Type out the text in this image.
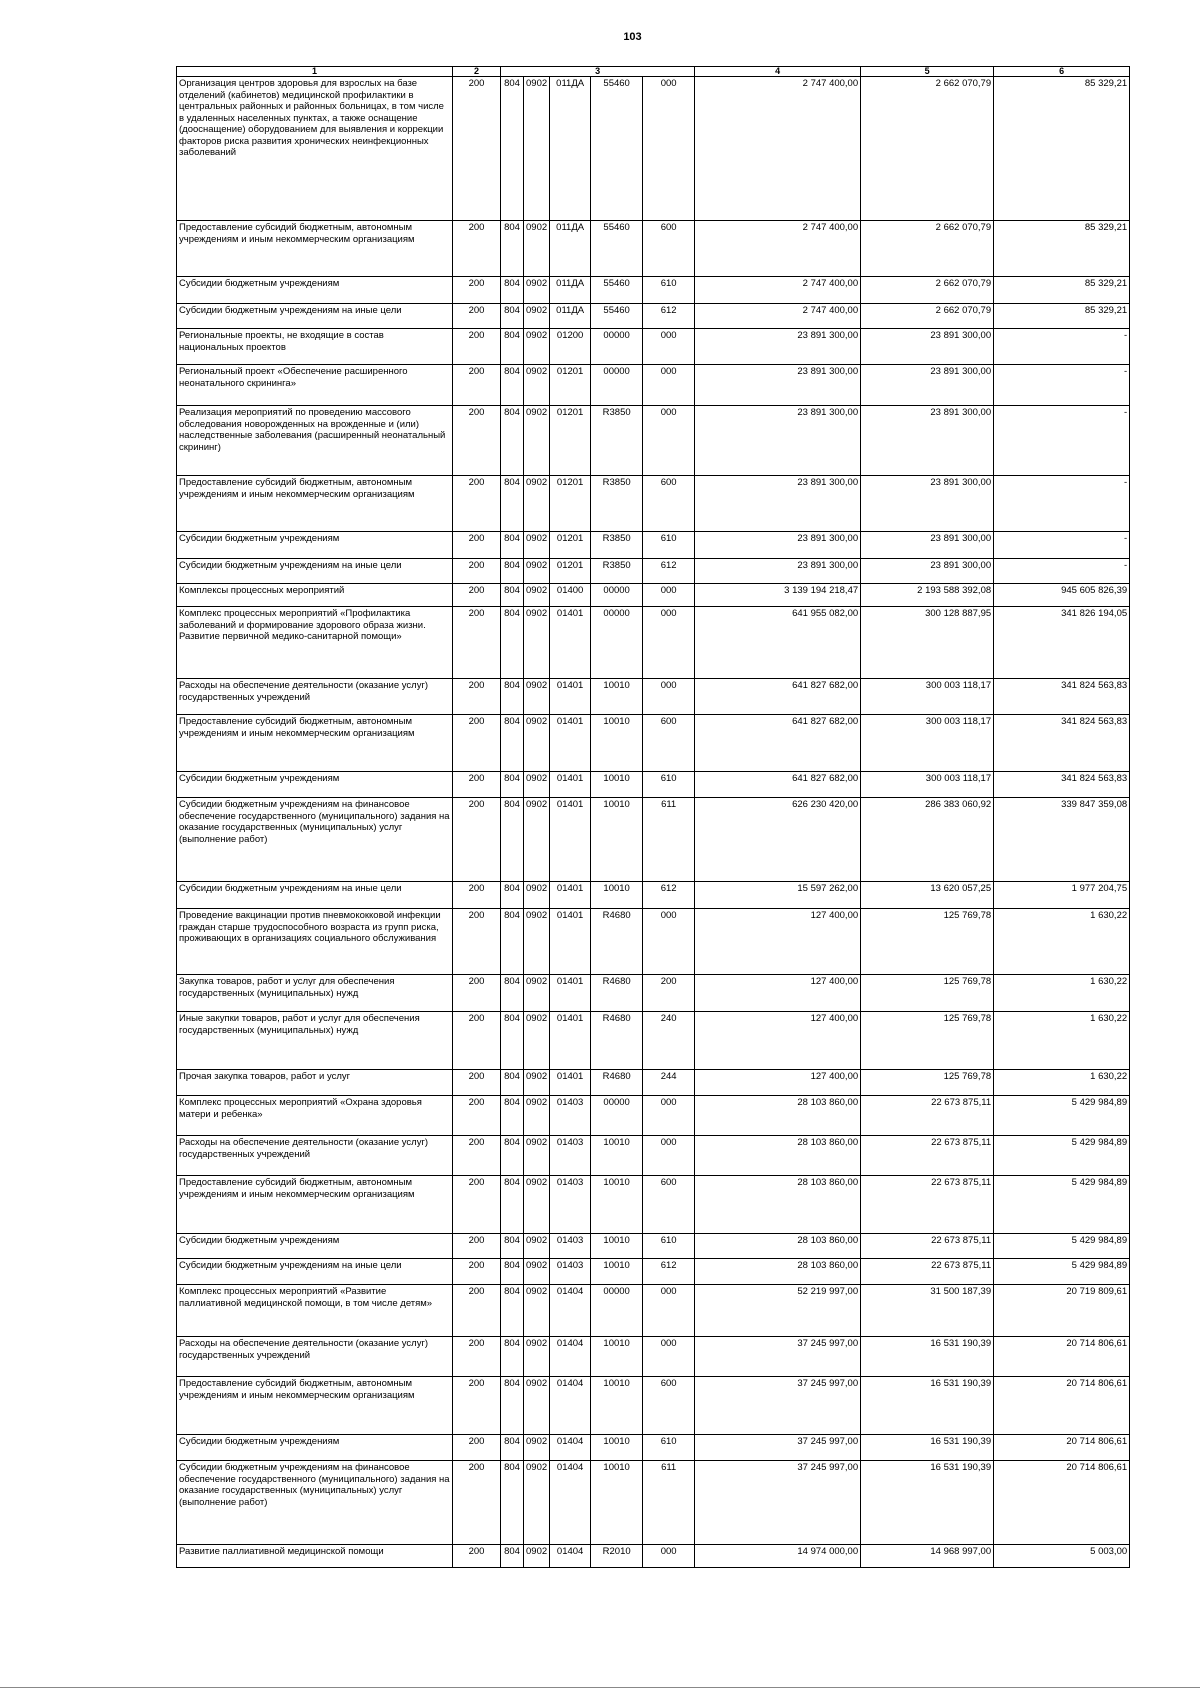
103
1	2	3					4	5	6
Организация центров здоровья для взрослых на базе отделений (кабинетов) медицинской профилактики в центральных районных и районных больницах, в том числе в удаленных населенных пунктах, а также оснащение (дооснащение) оборудованием для выявления и коррекции факторов риска развития хронических неинфекционных заболеваний	200	804	0902	011ДА	55460	000	2 747 400,00	2 662 070,79	85 329,21
Предоставление субсидий бюджетным, автономным учреждениям и иным некоммерческим организациям	200	804	0902	011ДА	55460	600	2 747 400,00	2 662 070,79	85 329,21
Субсидии бюджетным учреждениям	200	804	0902	011ДА	55460	610	2 747 400,00	2 662 070,79	85 329,21
Субсидии бюджетным учреждениям на иные цели	200	804	0902	011ДА	55460	612	2 747 400,00	2 662 070,79	85 329,21
Региональные проекты, не входящие в состав национальных проектов	200	804	0902	01200	00000	000	23 891 300,00	23 891 300,00	-
Региональный проект «Обеспечение расширенного неонатального скрининга»	200	804	0902	01201	00000	000	23 891 300,00	23 891 300,00	-
Реализация мероприятий по проведению массового обследования новорожденных на врожденные и (или) наследственные заболевания (расширенный неонатальный скрининг)	200	804	0902	01201	R3850	000	23 891 300,00	23 891 300,00	-
Предоставление субсидий бюджетным, автономным учреждениям и иным некоммерческим организациям	200	804	0902	01201	R3850	600	23 891 300,00	23 891 300,00	-
Субсидии бюджетным учреждениям	200	804	0902	01201	R3850	610	23 891 300,00	23 891 300,00	-
Субсидии бюджетным учреждениям на иные цели	200	804	0902	01201	R3850	612	23 891 300,00	23 891 300,00	-
Комплексы процессных мероприятий	200	804	0902	01400	00000	000	3 139 194 218,47	2 193 588 392,08	945 605 826,39
Комплекс процессных мероприятий «Профилактика заболеваний и формирование здорового образа жизни. Развитие первичной медико-санитарной помощи»	200	804	0902	01401	00000	000	641 955 082,00	300 128 887,95	341 826 194,05
Расходы на обеспечение деятельности (оказание услуг) государственных учреждений	200	804	0902	01401	10010	000	641 827 682,00	300 003 118,17	341 824 563,83
Предоставление субсидий бюджетным, автономным учреждениям и иным некоммерческим организациям	200	804	0902	01401	10010	600	641 827 682,00	300 003 118,17	341 824 563,83
Субсидии бюджетным учреждениям	200	804	0902	01401	10010	610	641 827 682,00	300 003 118,17	341 824 563,83
Субсидии бюджетным учреждениям на финансовое обеспечение государственного (муниципального) задания на оказание государственных (муниципальных) услуг (выполнение работ)	200	804	0902	01401	10010	611	626 230 420,00	286 383 060,92	339 847 359,08
Субсидии бюджетным учреждениям на иные цели	200	804	0902	01401	10010	612	15 597 262,00	13 620 057,25	1 977 204,75
Проведение вакцинации против пневмококковой инфекции граждан старше трудоспособного возраста из групп риска, проживающих в организациях социального обслуживания	200	804	0902	01401	R4680	000	127 400,00	125 769,78	1 630,22
Закупка товаров, работ и услуг для обеспечения государственных (муниципальных) нужд	200	804	0902	01401	R4680	200	127 400,00	125 769,78	1 630,22
Иные закупки товаров, работ и услуг для обеспечения государственных (муниципальных) нужд	200	804	0902	01401	R4680	240	127 400,00	125 769,78	1 630,22
Прочая закупка товаров, работ и услуг	200	804	0902	01401	R4680	244	127 400,00	125 769,78	1 630,22
Комплекс процессных мероприятий «Охрана здоровья матери и ребенка»	200	804	0902	01403	00000	000	28 103 860,00	22 673 875,11	5 429 984,89
Расходы на обеспечение деятельности (оказание услуг) государственных учреждений	200	804	0902	01403	10010	000	28 103 860,00	22 673 875,11	5 429 984,89
Предоставление субсидий бюджетным, автономным учреждениям и иным некоммерческим организациям	200	804	0902	01403	10010	600	28 103 860,00	22 673 875,11	5 429 984,89
Субсидии бюджетным учреждениям	200	804	0902	01403	10010	610	28 103 860,00	22 673 875,11	5 429 984,89
Субсидии бюджетным учреждениям на иные цели	200	804	0902	01403	10010	612	28 103 860,00	22 673 875,11	5 429 984,89
Комплекс процессных мероприятий «Развитие паллиативной медицинской помощи, в том числе детям»	200	804	0902	01404	00000	000	52 219 997,00	31 500 187,39	20 719 809,61
Расходы на обеспечение деятельности (оказание услуг) государственных учреждений	200	804	0902	01404	10010	000	37 245 997,00	16 531 190,39	20 714 806,61
Предоставление субсидий бюджетным, автономным учреждениям и иным некоммерческим организациям	200	804	0902	01404	10010	600	37 245 997,00	16 531 190,39	20 714 806,61
Субсидии бюджетным учреждениям	200	804	0902	01404	10010	610	37 245 997,00	16 531 190,39	20 714 806,61
Субсидии бюджетным учреждениям на финансовое обеспечение государственного (муниципального) задания на оказание государственных (муниципальных) услуг (выполнение работ)	200	804	0902	01404	10010	611	37 245 997,00	16 531 190,39	20 714 806,61
Развитие паллиативной медицинской помощи	200	804	0902	01404	R2010	000	14 974 000,00	14 968 997,00	5 003,00
